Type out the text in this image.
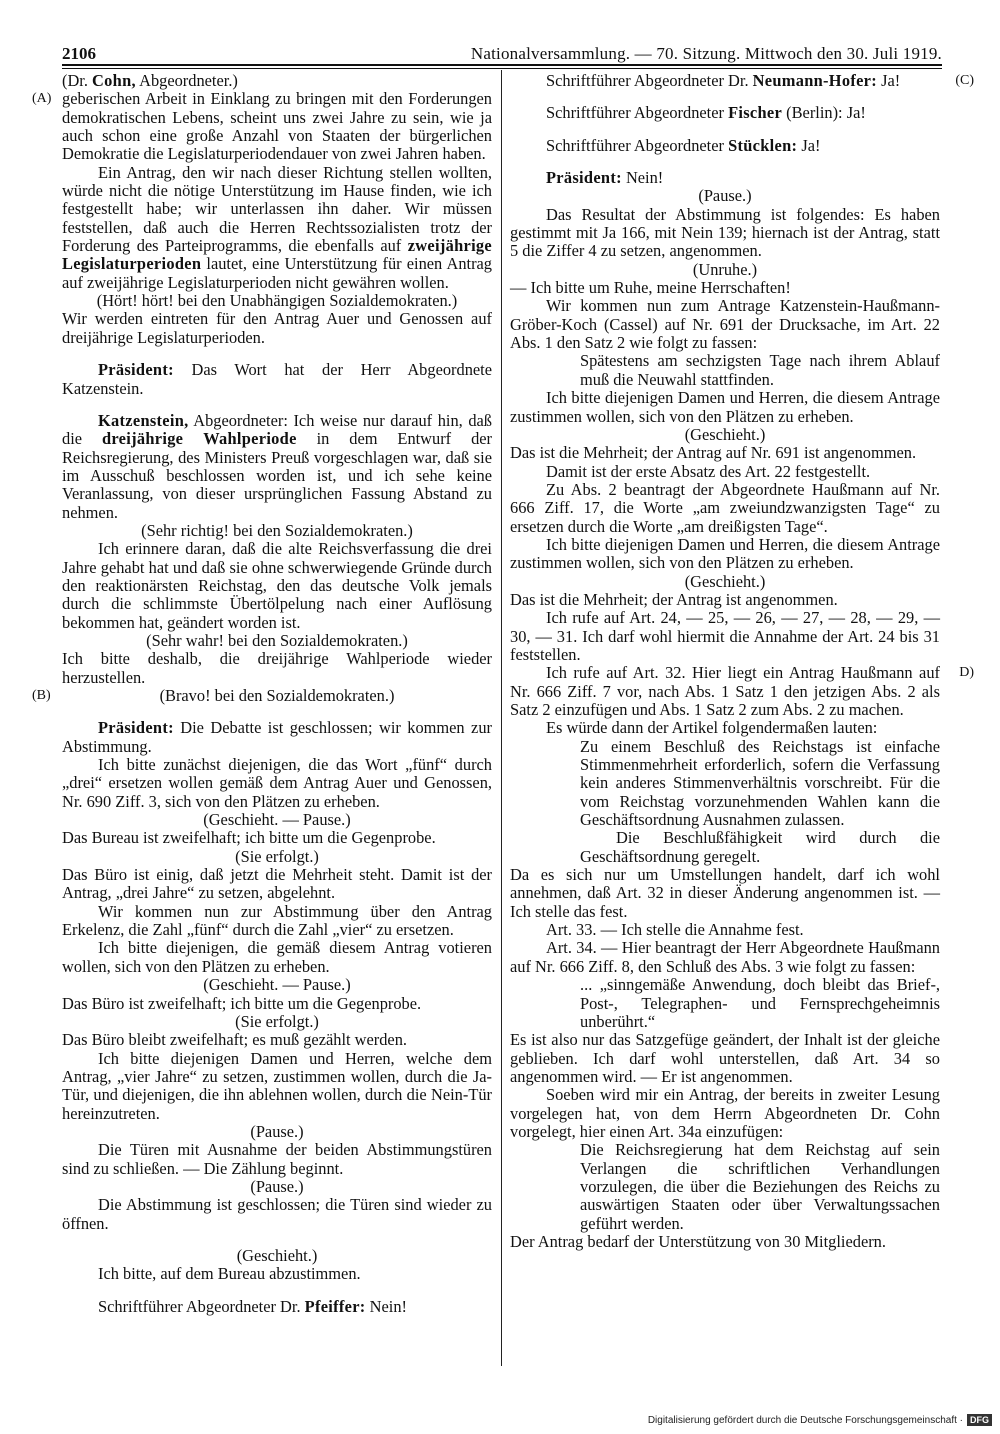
2106	Nationalversammlung. — 70. Sitzung. Mittwoch den 30. Juli 1919.

(Dr. Cohn, Abgeordneter.)

(A) geberischen Arbeit in Einklang zu bringen mit den Forderungen demokratischen Lebens, scheint uns zwei Jahre zu sein, wie ja auch schon eine große Anzahl von Staaten der bürgerlichen Demokratie die Legislaturperiodendauer von zwei Jahren haben.

Ein Antrag, den wir nach dieser Richtung stellen wollten, würde nicht die nötige Unterstützung im Hause finden, wie ich festgestellt habe; wir unterlassen ihn daher. Wir müssen feststellen, daß auch die Herren Rechtssozialisten trotz der Forderung des Parteiprogramms, die ebenfalls auf zweijährige Legislaturperioden lautet, eine Unterstützung für einen Antrag auf zweijährige Legislaturperioden nicht gewähren wollen.

(Hört! hört! bei den Unabhängigen Sozialdemokraten.)

Wir werden eintreten für den Antrag Auer und Genossen auf dreijährige Legislaturperioden.

Präsident: Das Wort hat der Herr Abgeordnete Katzenstein.

Katzenstein, Abgeordneter: Ich weise nur darauf hin, daß die dreijährige Wahlperiode in dem Entwurf der Reichsregierung, des Ministers Preuß vorgeschlagen war, daß sie im Ausschuß beschlossen worden ist, und ich sehe keine Veranlassung, von dieser ursprünglichen Fassung Abstand zu nehmen.

(Sehr richtig! bei den Sozialdemokraten.)

Ich erinnere daran, daß die alte Reichsverfassung die drei Jahre gehabt hat und daß sie ohne schwerwiegende Gründe durch den reaktionärsten Reichstag, den das deutsche Volk jemals durch die schlimmste Übertölpelung nach einer Auflösung bekommen hat, geändert worden ist.

(Sehr wahr! bei den Sozialdemokraten.)

Ich bitte deshalb, die dreijährige Wahlperiode wieder herzustellen.

(B)	(Bravo! bei den Sozialdemokraten.)

Präsident: Die Debatte ist geschlossen; wir kommen zur Abstimmung.

Ich bitte zunächst diejenigen, die das Wort „fünf“ durch „drei“ ersetzen wollen gemäß dem Antrag Auer und Genossen, Nr. 690 Ziff. 3, sich von den Plätzen zu erheben.

(Geschieht. — Pause.)

Das Bureau ist zweifelhaft; ich bitte um die Gegenprobe.

(Sie erfolgt.)

Das Büro ist einig, daß jetzt die Mehrheit steht. Damit ist der Antrag, „drei Jahre“ zu setzen, abgelehnt.

Wir kommen nun zur Abstimmung über den Antrag Erkelenz, die Zahl „fünf“ durch die Zahl „vier“ zu ersetzen.

Ich bitte diejenigen, die gemäß diesem Antrag votieren wollen, sich von den Plätzen zu erheben.

(Geschieht. — Pause.)

Das Büro ist zweifelhaft; ich bitte um die Gegenprobe.

(Sie erfolgt.)

Das Büro bleibt zweifelhaft; es muß gezählt werden.

Ich bitte diejenigen Damen und Herren, welche dem Antrag, „vier Jahre“ zu setzen, zustimmen wollen, durch die Ja-Tür, und diejenigen, die ihn ablehnen wollen, durch die Nein-Tür hereinzutreten.

(Pause.)

Die Türen mit Ausnahme der beiden Abstimmungstüren sind zu schließen. — Die Zählung beginnt.

(Pause.)

Die Abstimmung ist geschlossen; die Türen sind wieder zu öffnen.

(Geschieht.)

Ich bitte, auf dem Bureau abzustimmen.

Schriftführer Abgeordneter Dr. Pfeiffer: Nein!

(C)
Schriftführer Abgeordneter Dr. Neumann-Hofer: Ja!

Schriftführer Abgeordneter Fischer (Berlin): Ja!

Schriftführer Abgeordneter Stücklen: Ja!

Präsident: Nein!

(Pause.)

Das Resultat der Abstimmung ist folgendes: Es haben gestimmt mit Ja 166, mit Nein 139; hiernach ist der Antrag, statt 5 die Ziffer 4 zu setzen, angenommen.

(Unruhe.)

— Ich bitte um Ruhe, meine Herrschaften!

Wir kommen nun zum Antrage Katzenstein-Haußmann-Gröber-Koch (Cassel) auf Nr. 691 der Drucksache, im Art. 22 Abs. 1 den Satz 2 wie folgt zu fassen:

Spätestens am sechzigsten Tage nach ihrem Ablauf muß die Neuwahl stattfinden.

Ich bitte diejenigen Damen und Herren, die diesem Antrage zustimmen wollen, sich von den Plätzen zu erheben.

(Geschieht.)

Das ist die Mehrheit; der Antrag auf Nr. 691 ist angenommen.

Damit ist der erste Absatz des Art. 22 festgestellt.

Zu Abs. 2 beantragt der Abgeordnete Haußmann auf Nr. 666 Ziff. 17, die Worte „am zweiundzwanzigsten Tage“ zu ersetzen durch die Worte „am dreißigsten Tage“.

Ich bitte diejenigen Damen und Herren, die diesem Antrage zustimmen wollen, sich von den Plätzen zu erheben.

(Geschieht.)

Das ist die Mehrheit; der Antrag ist angenommen.

Ich rufe auf Art. 24, — 25, — 26, — 27, — 28, — 29, — 30, — 31. Ich darf wohl hiermit die Annahme der Art. 24 bis 31 feststellen.

D)
Ich rufe auf Art. 32. Hier liegt ein Antrag Haußmann auf Nr. 666 Ziff. 7 vor, nach Abs. 1 Satz 1 den jetzigen Abs. 2 als Satz 2 einzufügen und Abs. 1 Satz 2 zum Abs. 2 zu machen.

Es würde dann der Artikel folgendermaßen lauten:

Zu einem Beschluß des Reichstags ist einfache Stimmenmehrheit erforderlich, sofern die Verfassung kein anderes Stimmenverhältnis vorschreibt. Für die vom Reichstag vorzunehmenden Wahlen kann die Geschäftsordnung Ausnahmen zulassen.

Die Beschlußfähigkeit wird durch die Geschäftsordnung geregelt.

Da es sich nur um Umstellungen handelt, darf ich wohl annehmen, daß Art. 32 in dieser Änderung angenommen ist. — Ich stelle das fest.

Art. 33. — Ich stelle die Annahme fest.

Art. 34. — Hier beantragt der Herr Abgeordnete Haußmann auf Nr. 666 Ziff. 8, den Schluß des Abs. 3 wie folgt zu fassen:

... „sinngemäße Anwendung, doch bleibt das Brief-, Post-, Telegraphen- und Fernsprechgeheimnis unberührt.“

Es ist also nur das Satzgefüge geändert, der Inhalt ist der gleiche geblieben. Ich darf wohl unterstellen, daß Art. 34 so angenommen wird. — Er ist angenommen.

Soeben wird mir ein Antrag, der bereits in zweiter Lesung vorgelegen hat, von dem Herrn Abgeordneten Dr. Cohn vorgelegt, hier einen Art. 34a einzufügen:

Die Reichsregierung hat dem Reichstag auf sein Verlangen die schriftlichen Verhandlungen vorzulegen, die über die Beziehungen des Reichs zu auswärtigen Staaten oder über Verwaltungssachen geführt werden.

Der Antrag bedarf der Unterstützung von 30 Mitgliedern.

Digitalisierung gefördert durch die Deutsche Forschungsgemeinschaft · DFG
